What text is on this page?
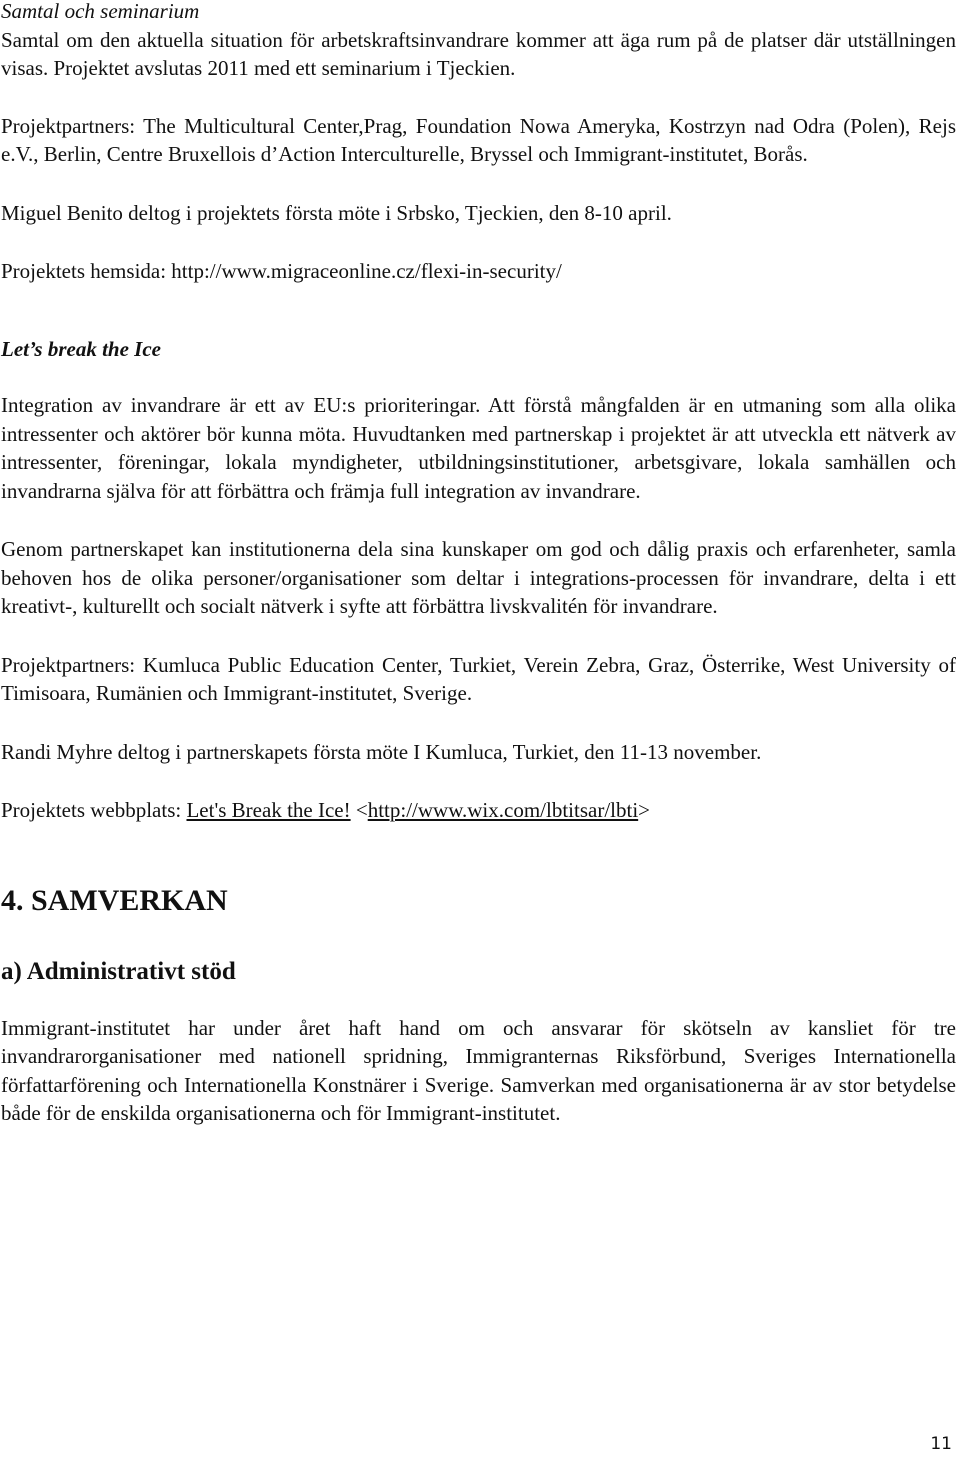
Samtal och seminarium

Samtal om den aktuella situation för arbetskraftsinvandrare kommer att äga rum på de platser där utställningen visas. Projektet avslutas 2011 med ett seminarium i Tjeckien.

Projektpartners: The Multicultural Center,Prag, Foundation Nowa Ameryka, Kostrzyn nad Odra (Polen), Rejs e.V., Berlin, Centre Bruxellois d’Action Interculturelle, Bryssel och Immigrant-institutet, Borås.

Miguel Benito deltog i projektets första möte i Srbsko, Tjeckien, den 8-10 april.

Projektets hemsida: http://www.migraceonline.cz/flexi-in-security/

Let’s break the Ice

Integration av invandrare är ett av EU:s prioriteringar. Att förstå mångfalden är en utmaning som alla olika intressenter och aktörer bör kunna möta. Huvudtanken med partnerskap i projektet är att utveckla ett nätverk av intressenter, föreningar, lokala myndigheter, utbildningsinstitutioner, arbetsgivare, lokala samhällen och invandrarna själva för att förbättra och främja full integration av invandrare.

Genom partnerskapet kan institutionerna dela sina kunskaper om god och dålig praxis och erfarenheter, samla behoven hos de olika personer/organisationer som deltar i integrations-processen för invandrare, delta i ett kreativt-, kulturellt och socialt nätverk i syfte att förbättra livskvalitén för invandrare.

Projektpartners: Kumluca Public Education Center, Turkiet, Verein Zebra, Graz, Österrike, West University of Timisoara, Rumänien och Immigrant-institutet, Sverige.

Randi Myhre deltog i partnerskapets första möte I Kumluca, Turkiet, den 11-13 november.

Projektets webbplats: Let's Break the Ice! <http://www.wix.com/lbtitsar/lbti>

4. SAMVERKAN
a) Administrativt stöd

Immigrant-institutet har under året haft hand om och ansvarar för skötseln av kansliet för tre invandrarorganisationer med nationell spridning, Immigranternas Riksförbund, Sveriges Internationella författarförening och Internationella Konstnärer i Sverige. Samverkan med organisationerna är av stor betydelse både för de enskilda organisationerna och för Immigrant-institutet.

11
